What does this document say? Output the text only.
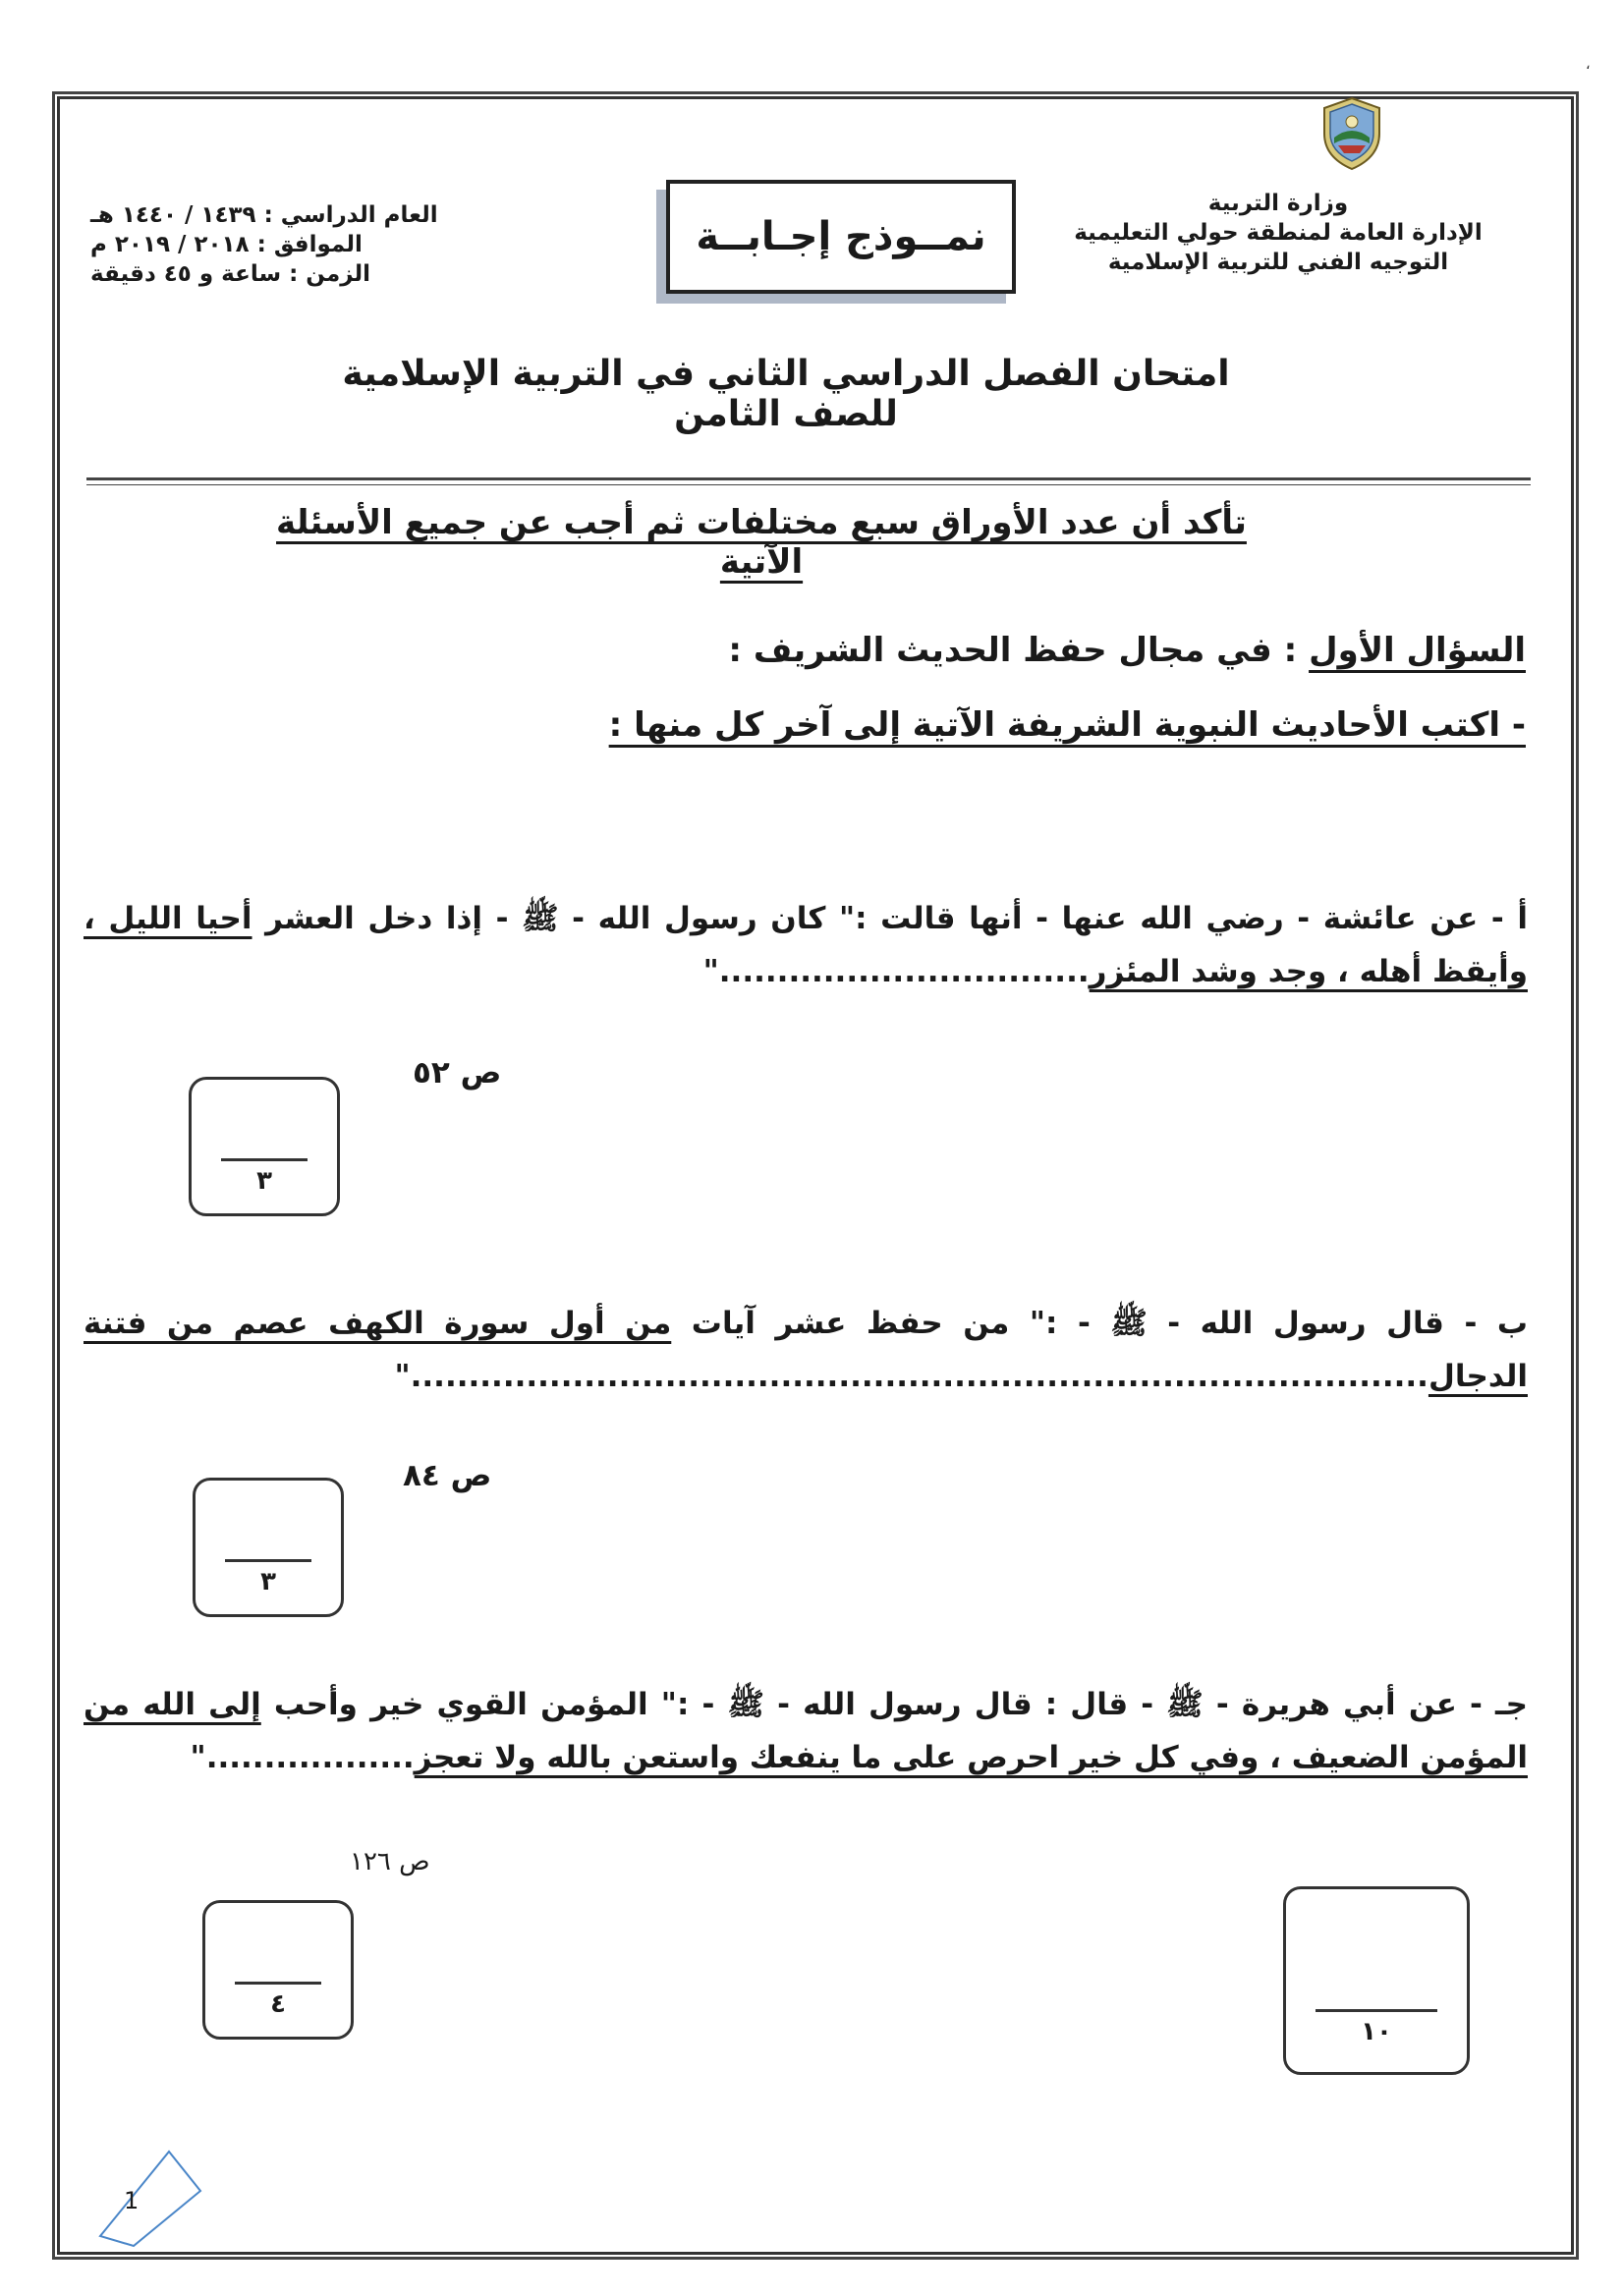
،
وزارة التربية
الإدارة العامة لمنطقة حولي التعليمية
التوجيه الفني للتربية الإسلامية
العام الدراسي : ١٤٣٩ / ١٤٤٠ هـ
الموافق : ٢٠١٨ / ٢٠١٩ م
الزمن : ساعة و ٤٥ دقيقة
نمــوذج إجـابــة
امتحان الفصل الدراسي الثاني في التربية الإسلامية للصف الثامن
تأكد أن عدد الأوراق سبع مختلفات ثم أجب عن جميع الأسئلة الآتية
السؤال الأول : في مجال حفظ الحديث الشريف :
- اكتب الأحاديث النبوية الشريفة الآتية إلى آخر كل منها :
أ - عن عائشة - رضي الله عنها - أنها قالت :" كان رسول الله - ﷺ - إذا دخل العشر أحيا الليل ، وأيقظ أهله ، وجد وشد المئزر................................"
ص ٥٢
٣
ب - قال رسول الله - ﷺ - :" من حفظ عشر آيات من أول سورة الكهف عصم من فتنة الدجال........................................................................................"
ص ٨٤
٣
جـ - عن أبي هريرة - ﷺ - قال : قال رسول الله - ﷺ - :" المؤمن القوي خير وأحب إلى الله من المؤمن الضعيف ، وفي كل خير احرص على ما ينفعك واستعن بالله ولا تعجز.................."
ص ١٢٦
٤
١٠
1
